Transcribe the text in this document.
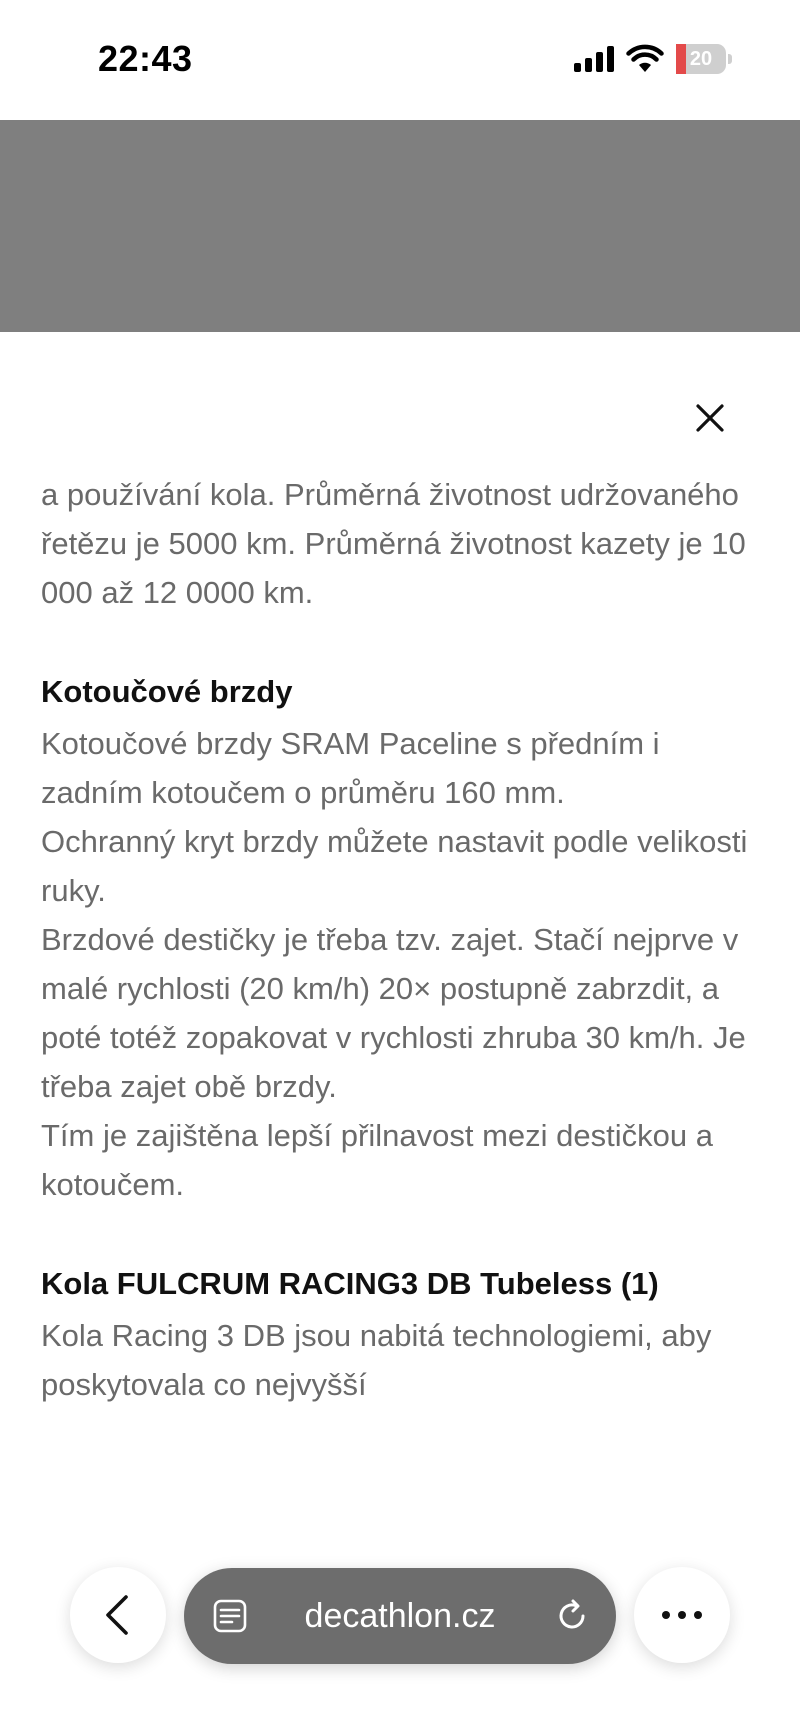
22:43	20

a používání kola. Průměrná životnost udržovaného řetězu je 5000 km. Průměrná životnost kazety je 10 000 až 12 0000 km.

Kotoučové brzdy

Kotoučové brzdy SRAM Paceline s předním i zadním kotoučem o průměru 160 mm.

Ochranný kryt brzdy můžete nastavit podle velikosti ruky.

Brzdové destičky je třeba tzv. zajet. Stačí nejprve v malé rychlosti (20 km/h) 20× postupně zabrzdit, a poté totéž zopakovat v rychlosti zhruba 30 km/h. Je třeba zajet obě brzdy.

Tím je zajištěna lepší přilnavost mezi destičkou a kotoučem.

Kola FULCRUM RACING3 DB Tubeless (1)

Kola Racing 3 DB jsou nabitá technologiemi, aby poskytovala co nejvyšší

decathlon.cz
